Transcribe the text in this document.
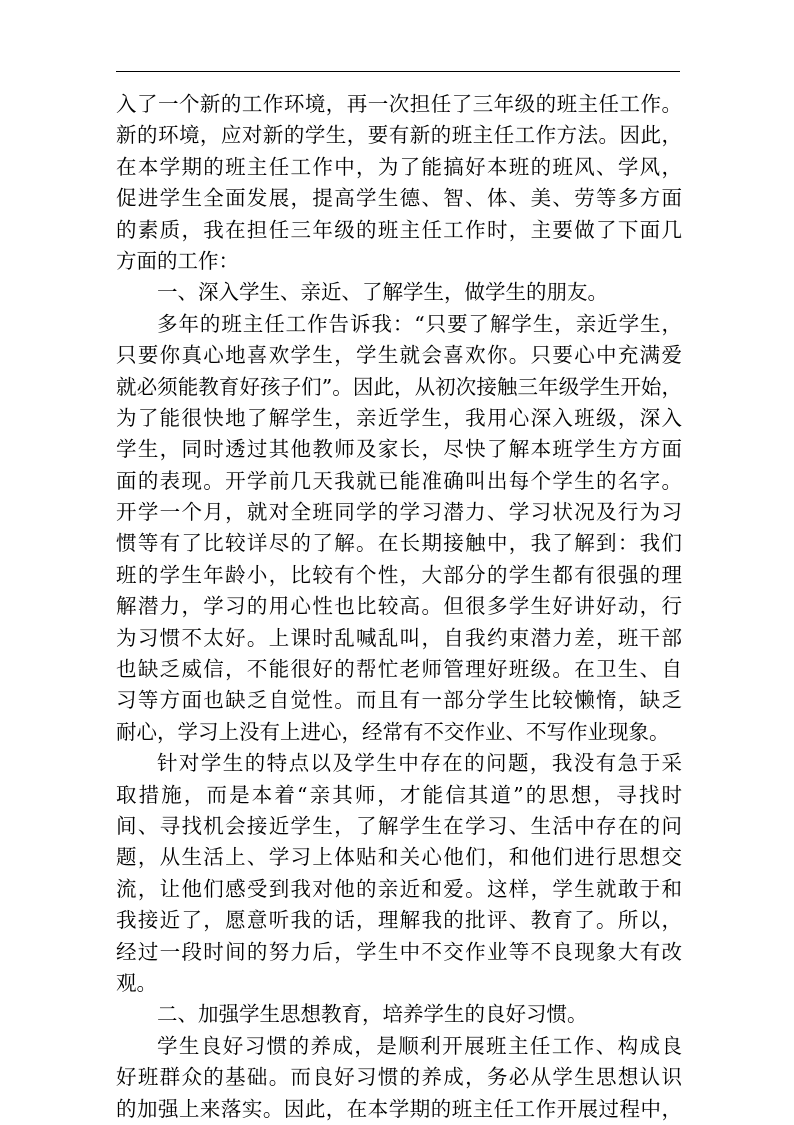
入了一个新的工作环境，再一次担任了三年级的班主任工作。
新的环境，应对新的学生，要有新的班主任工作方法。因此，
在本学期的班主任工作中，为了能搞好本班的班风、学风，
促进学生全面发展，提高学生德、智、体、美、劳等多方面
的素质，我在担任三年级的班主任工作时，主要做了下面几
方面的工作：
一、深入学生、亲近、了解学生，做学生的朋友。
多年的班主任工作告诉我：“只要了解学生，亲近学生，
只要你真心地喜欢学生，学生就会喜欢你。只要心中充满爱
就必须能教育好孩子们”。因此，从初次接触三年级学生开始，
为了能很快地了解学生，亲近学生，我用心深入班级，深入
学生，同时透过其他教师及家长，尽快了解本班学生方方面
面的表现。开学前几天我就已能准确叫出每个学生的名字。
开学一个月，就对全班同学的学习潜力、学习状况及行为习
惯等有了比较详尽的了解。在长期接触中，我了解到：我们
班的学生年龄小，比较有个性，大部分的学生都有很强的理
解潜力，学习的用心性也比较高。但很多学生好讲好动，行
为习惯不太好。上课时乱喊乱叫，自我约束潜力差，班干部
也缺乏威信，不能很好的帮忙老师管理好班级。在卫生、自
习等方面也缺乏自觉性。而且有一部分学生比较懒惰，缺乏
耐心，学习上没有上进心，经常有不交作业、不写作业现象。
针对学生的特点以及学生中存在的问题，我没有急于采
取措施，而是本着“亲其师，才能信其道”的思想，寻找时
间、寻找机会接近学生，了解学生在学习、生活中存在的问
题，从生活上、学习上体贴和关心他们，和他们进行思想交
流，让他们感受到我对他的亲近和爱。这样，学生就敢于和
我接近了，愿意听我的话，理解我的批评、教育了。所以，
经过一段时间的努力后，学生中不交作业等不良现象大有改
观。
二、加强学生思想教育，培养学生的良好习惯。
学生良好习惯的养成，是顺利开展班主任工作、构成良
好班群众的基础。而良好习惯的养成，务必从学生思想认识
的加强上来落实。因此，在本学期的班主任工作开展过程中，
